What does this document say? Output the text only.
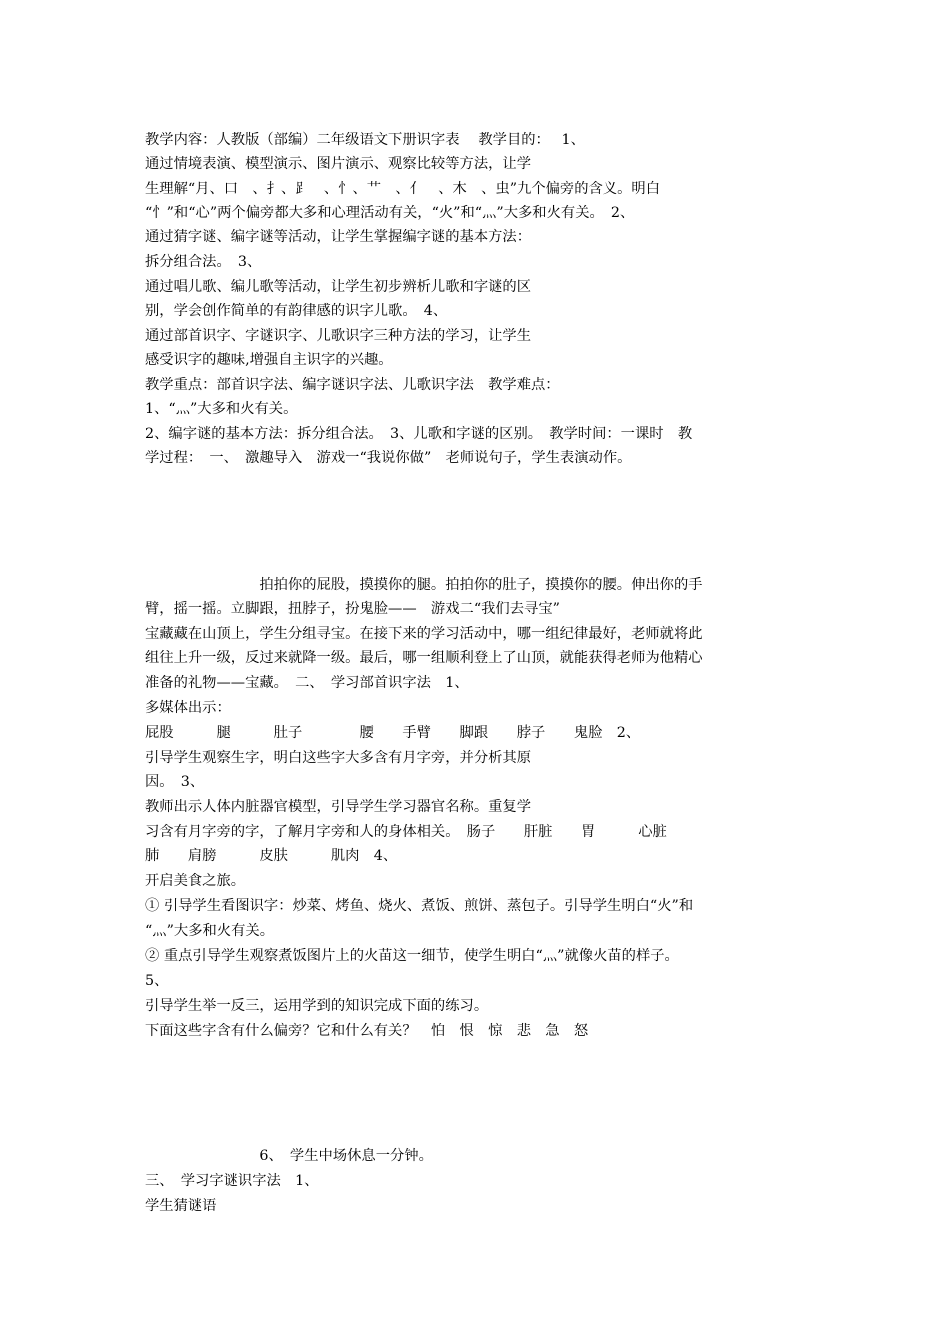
教学内容：人教版（部编）二年级语文下册识字表　 教学目的：　 1、
通过情境表演、模型演示、图片演示、观察比较等方法，让学
生理解“月、口　、扌、⻊　、忄、艹　、亻　、木　、虫”九个偏旁的含义。明白
“忄”和“心”两个偏旁都大多和心理活动有关，“火”和“灬”大多和火有关。　2、
通过猜字谜、编字谜等活动，让学生掌握编字谜的基本方法：
拆分组合法。　3、
通过唱儿歌、编儿歌等活动，让学生初步辨析儿歌和字谜的区
别，学会创作简单的有韵律感的识字儿歌。　4、
通过部首识字、字谜识字、儿歌识字三种方法的学习，让学生
感受识字的趣味,增强自主识字的兴趣。
教学重点：部首识字法、编字谜识字法、儿歌识字法　教学难点：
1、“灬”大多和火有关。
2、编字谜的基本方法：拆分组合法。　3、儿歌和字谜的区别。　教学时间：一课时　教
学过程：　一、　激趣导入　游戏一“我说你做”　老师说句子，学生表演动作。
　　　　　　　　拍拍你的屁股，摸摸你的腿。拍拍你的肚子，摸摸你的腰。伸出你的手
臂，摇一摇。立脚跟，扭脖子，扮鬼脸——　游戏二“我们去寻宝”
宝藏藏在山顶上，学生分组寻宝。在接下来的学习活动中，哪一组纪律最好，老师就将此
组往上升一级，反过来就降一级。最后，哪一组顺利登上了山顶，就能获得老师为他精心
准备的礼物——宝藏。　二、　学习部首识字法　1、
多媒体出示：
屁股　　　腿　　　肚子　　　　腰　　手臂　　脚跟　　脖子　　鬼脸　2、
引导学生观察生字，明白这些字大多含有月字旁，并分析其原
因。　3、
教师出示人体内脏器官模型，引导学生学习器官名称。重复学
习含有月字旁的字，了解月字旁和人的身体相关。　肠子　　肝脏　　胃　　　心脏
肺　　肩膀　　　皮肤　　　肌肉　4、
开启美食之旅。
① 引导学生看图识字：炒菜、烤鱼、烧火、煮饭、煎饼、蒸包子。引导学生明白“火”和
“灬”大多和火有关。
② 重点引导学生观察煮饭图片上的火苗这一细节，使学生明白“灬”就像火苗的样子。
5、
引导学生举一反三，运用学到的知识完成下面的练习。
下面这些字含有什么偏旁？它和什么有关？　怕　恨　惊　悲　急　怒
　　　　　　　　6、　学生中场休息一分钟。
三、　学习字谜识字法　1、
学生猜谜语
